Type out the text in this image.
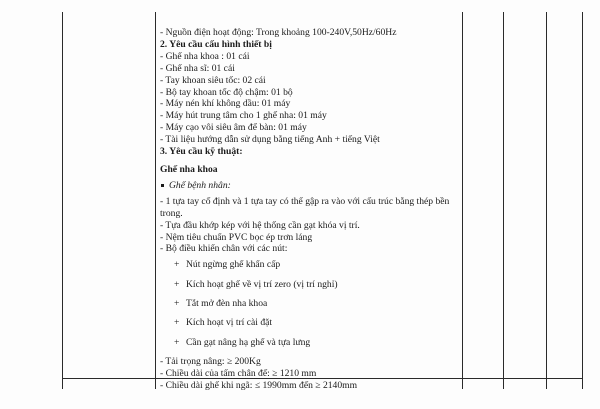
- Nguồn điện hoạt động: Trong khoảng 100-240V,50Hz/60Hz
2. Yêu cầu cấu hình thiết bị
- Ghế nha khoa : 01 cái
- Ghế nha sĩ: 01 cái
- Tay khoan siêu tốc: 02 cái
- Bộ tay khoan tốc độ chậm: 01 bộ
- Máy nén khí không dầu: 01 máy
- Máy hút trung tâm cho 1 ghế nha: 01 máy
- Máy cạo vôi siêu âm để bàn: 01 máy
- Tài liệu hướng dẫn sử dụng bằng tiếng Anh + tiếng Việt
3. Yêu cầu kỹ thuật:
Ghế nha khoa
Ghế bệnh nhân:
- 1 tựa tay cố định và 1 tựa tay có thể gập ra vào với cấu trúc bằng thép bền trong.
- Tựa đầu khớp kép với hệ thống cần gạt khóa vị trí.
- Nệm tiêu chuẩn PVC bọc ép trơn láng
- Bộ điều khiển chân với các nút:
+ Nút ngừng ghế khẩn cấp
+ Kích hoạt ghế về vị trí zero (vị trí nghỉ)
+ Tắt mở đèn nha khoa
+ Kích hoạt vị trí cài đặt
+ Cần gạt nâng hạ ghế và tựa lưng
- Tải trọng nâng: ≥ 200Kg
- Chiều dài của tấm chân đế: ≥ 1210 mm
- Chiều dài ghế khi ngã: ≤ 1990mm đến ≥ 2140mm
